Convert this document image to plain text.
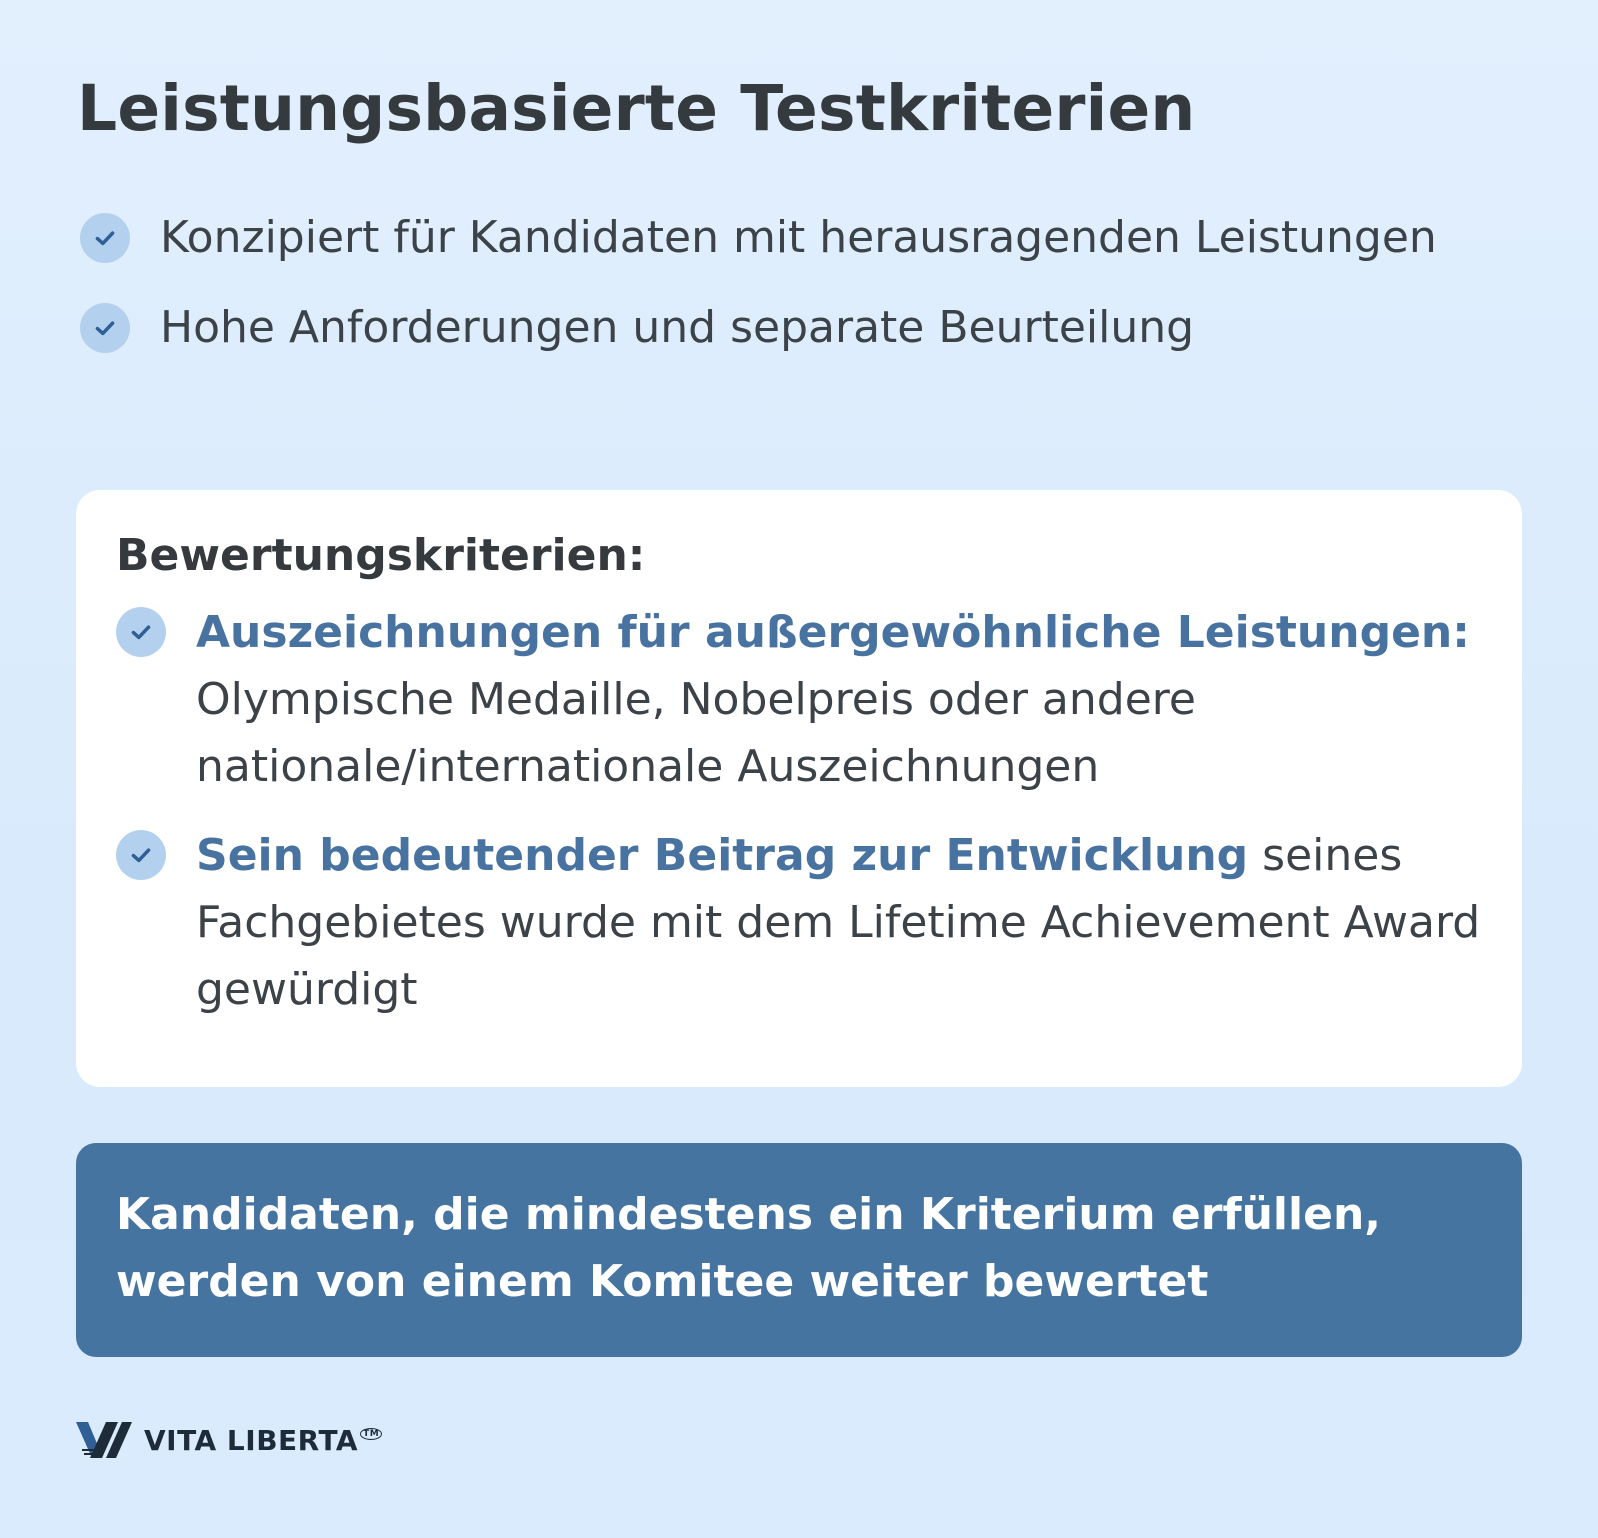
Leistungsbasierte Testkriterien
Konzipiert für Kandidaten mit herausragenden Leistungen
Hohe Anforderungen und separate Beurteilung
Bewertungskriterien:
Auszeichnungen für außergewöhnliche Leistungen: Olympische Medaille, Nobelpreis oder andere nationale/internationale Auszeichnungen
Sein bedeutender Beitrag zur Entwicklung seines Fachgebietes wurde mit dem Lifetime Achievement Award gewürdigt

Kandidaten, die mindestens ein Kriterium erfüllen, werden von einem Komitee weiter bewertet

VITA LIBERTA ™
